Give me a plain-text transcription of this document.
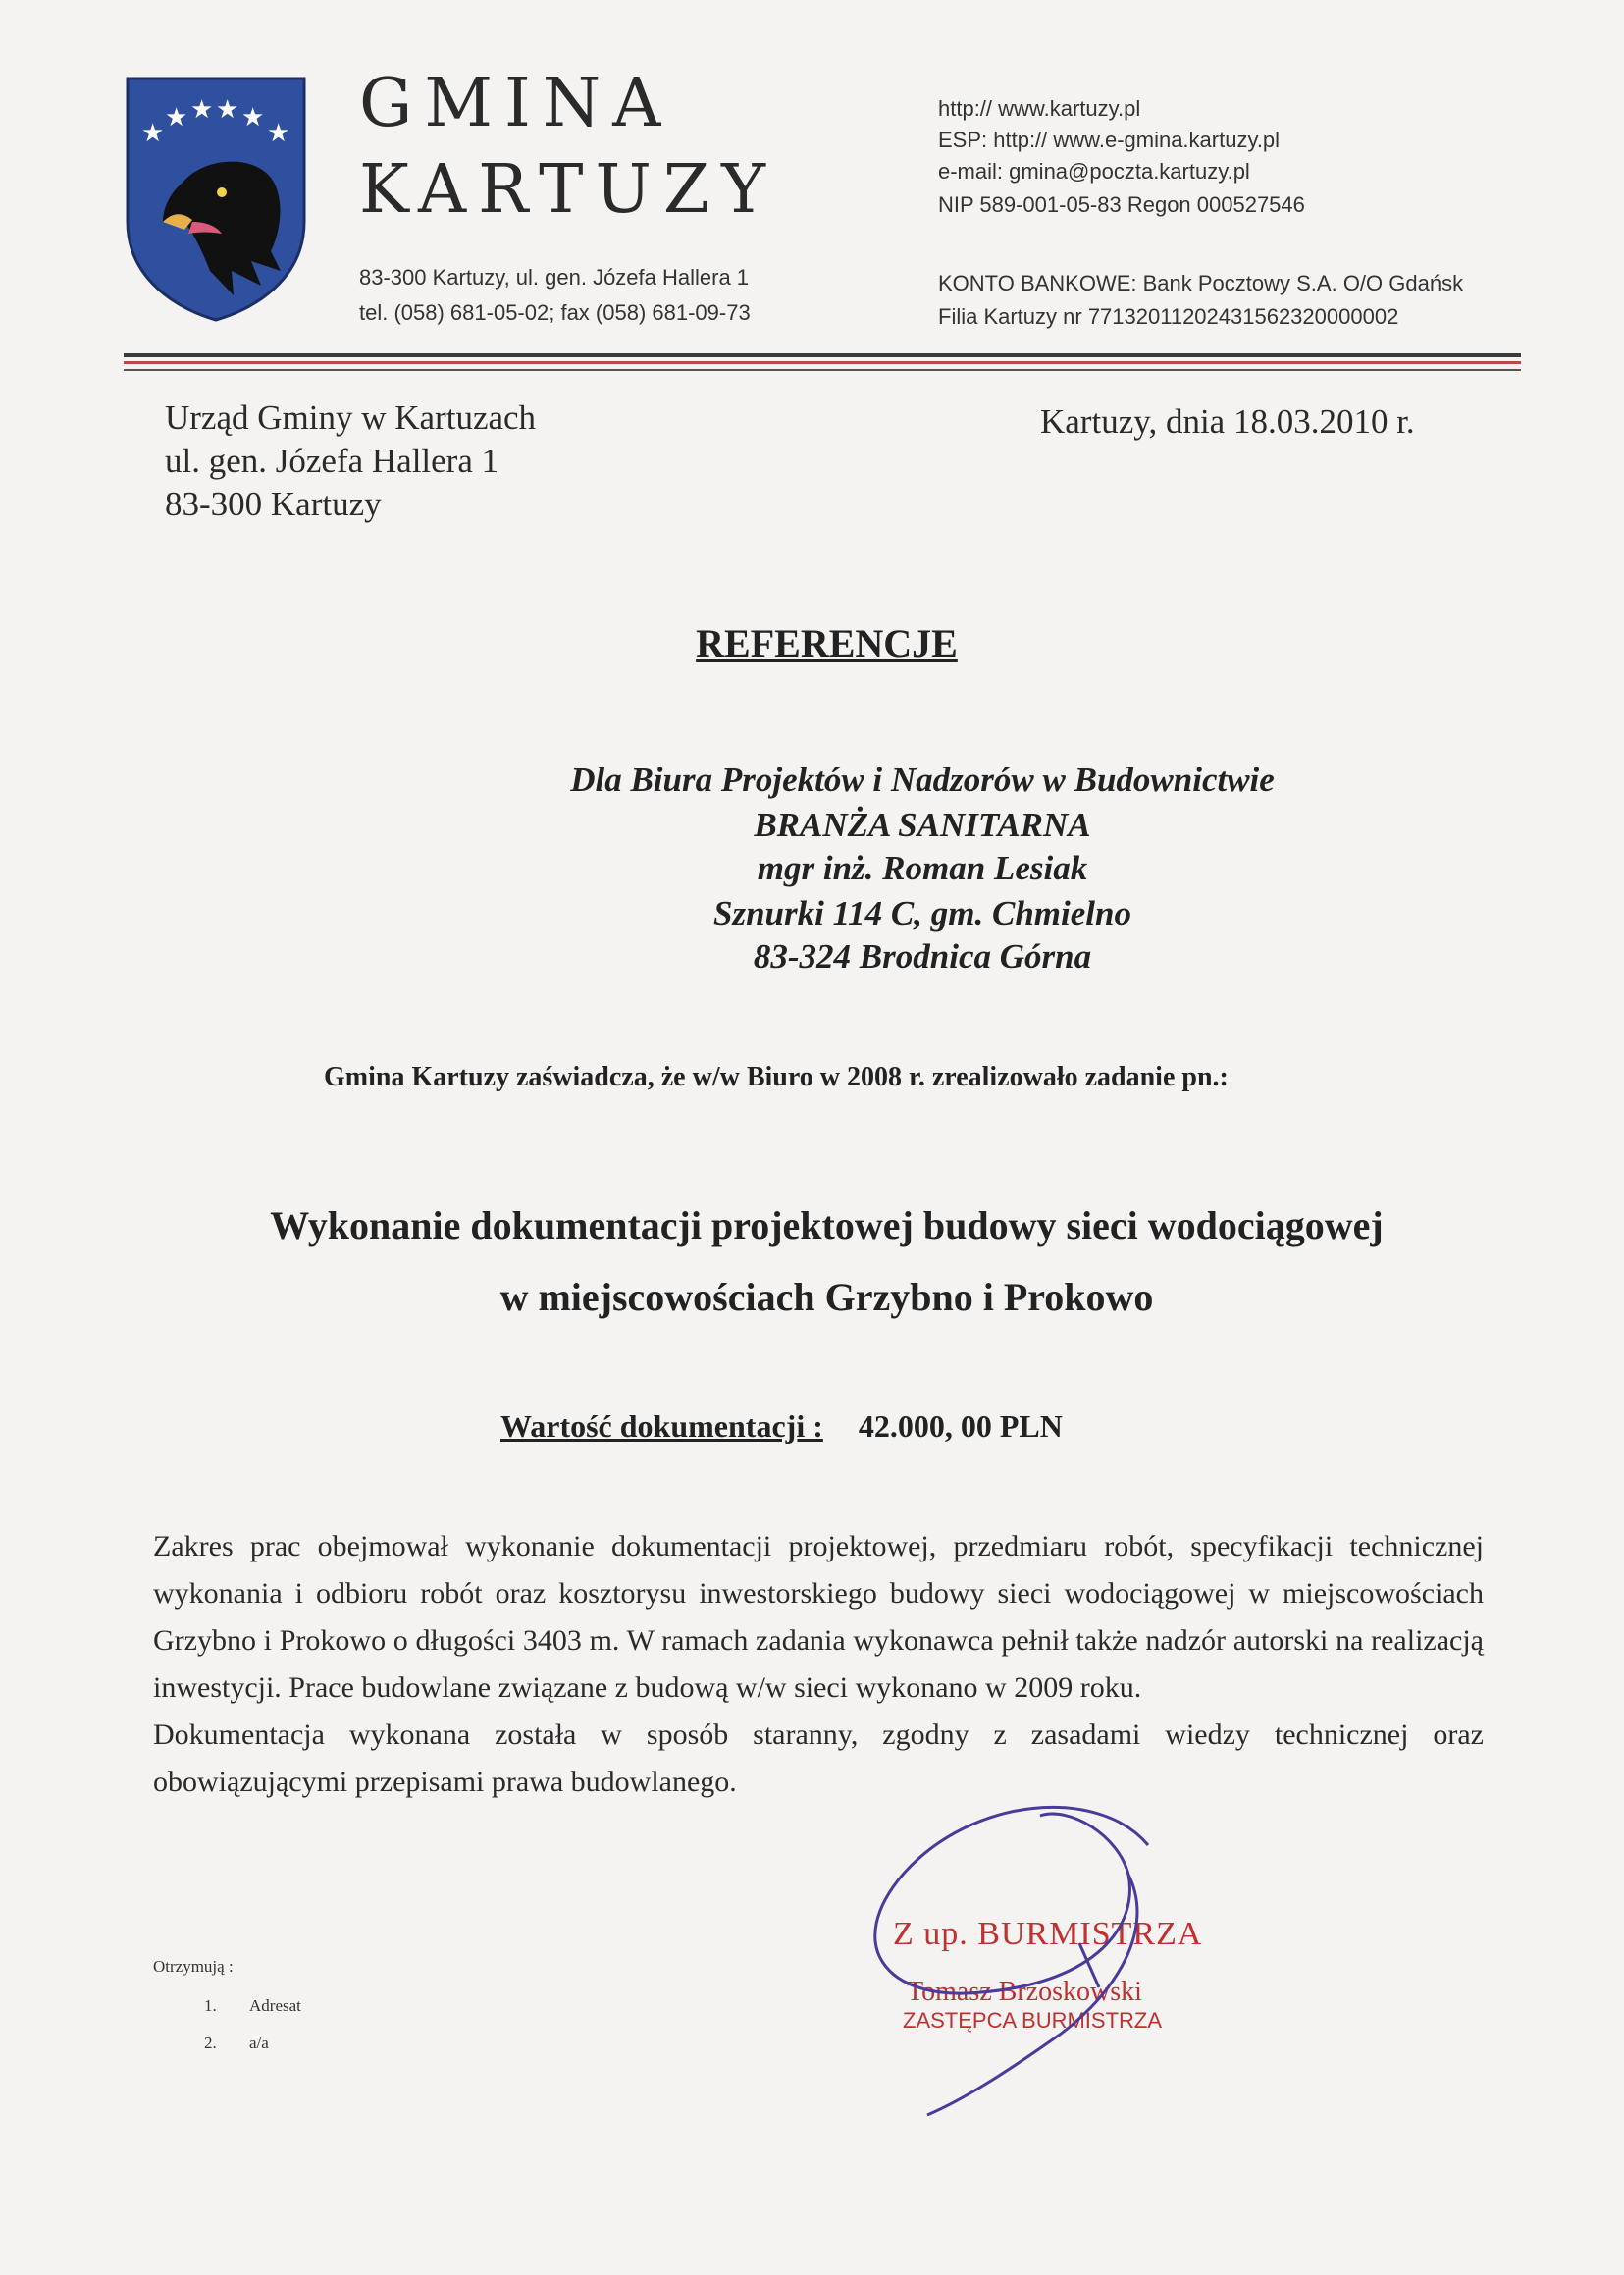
★
★ ★ ★ ★
★ GMINA
KARTUZY
83-300 Kartuzy, ul. gen. Józefa Hallera 1
tel. (058) 681-05-02; fax (058) 681-09-73
http:// www.kartuzy.pl
ESP: http:// www.e-gmina.kartuzy.pl
e-mail: gmina@poczta.kartuzy.pl
NIP 589-001-05-83 Regon 000527546
KONTO BANKOWE: Bank Pocztowy S.A. O/O Gdańsk
Filia Kartuzy nr 77132011202431562320000002
Urząd Gminy w Kartuzach
ul. gen. Józefa Hallera 1
83-300 Kartuzy
Kartuzy, dnia 18.03.2010 r.
REFERENCJE
Dla Biura Projektów i Nadzorów w Budownictwie
BRANŻA SANITARNA
mgr inż. Roman Lesiak
Sznurki 114 C, gm. Chmielno
83-324 Brodnica Górna
Gmina Kartuzy zaświadcza, że w/w Biuro w 2008 r. zrealizowało zadanie pn.:
Wykonanie dokumentacji projektowej budowy sieci wodociągowej
w miejscowościach Grzybno i Prokowo
Wartość dokumentacji : 42.000, 00 PLN

Zakres prac obejmował wykonanie dokumentacji projektowej, przedmiaru robót, specyfikacji technicznej wykonania i odbioru robót oraz kosztorysu inwestorskiego budowy sieci wodociągowej w miejscowościach Grzybno i Prokowo o długości 3403 m. W ramach zadania wykonawca pełnił także nadzór autorski na realizacją inwestycji. Prace budowlane związane z budową w/w sieci wykonano w 2009 roku.

Dokumentacja wykonana została w sposób staranny, zgodny z zasadami wiedzy technicznej oraz obowiązującymi przepisami prawa budowlanego.

Otrzymują :
1. Adresat
2. a/a
Z up. BURMISTRZA
Tomasz Brzoskowski
ZASTĘPCA BURMISTRZA
